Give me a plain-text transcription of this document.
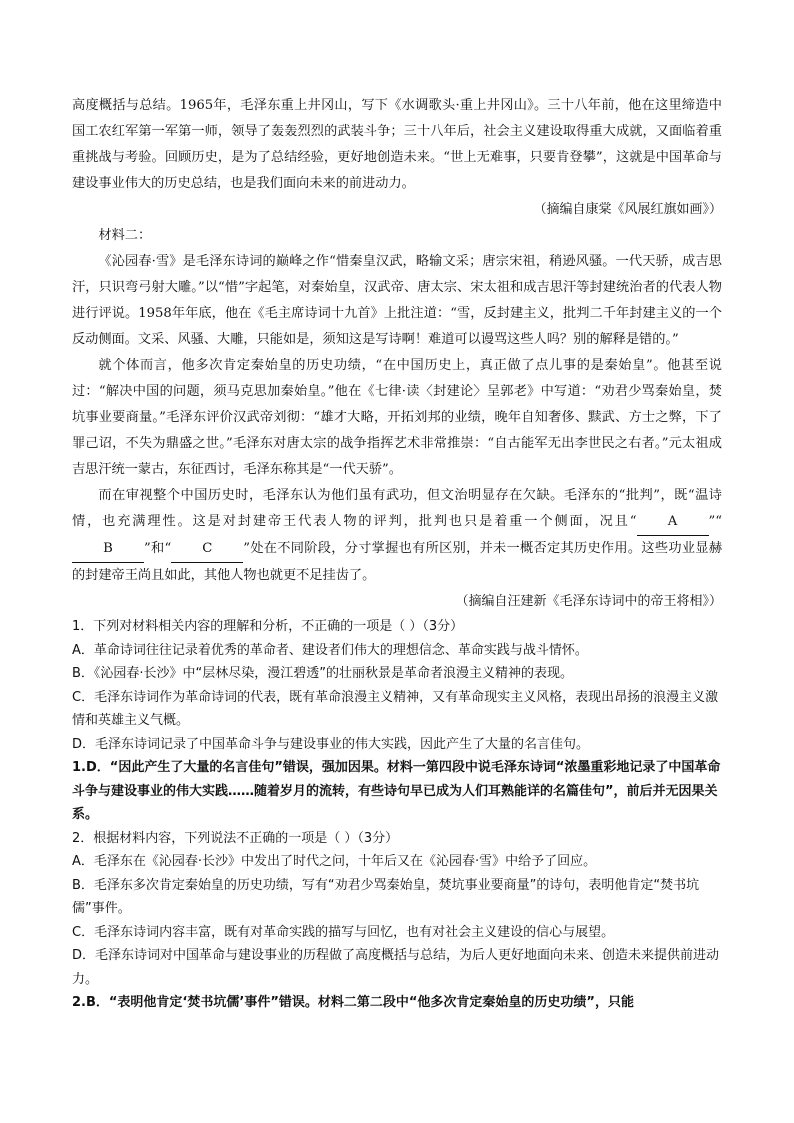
高度概括与总结。1965年，毛泽东重上井冈山，写下《水调歌头·重上井冈山》。三十八年前，他在这里缔造中国工农红军第一军第一师，领导了轰轰烈烈的武装斗争；三十八年后，社会主义建设取得重大成就，又面临着重重挑战与考验。回顾历史，是为了总结经验，更好地创造未来。“世上无难事，只要肯登攀”，这就是中国革命与建设事业伟大的历史总结，也是我们面向未来的前进动力。

（摘编自康棠《风展红旗如画》）

材料二：

《沁园春·雪》是毛泽东诗词的巅峰之作“惜秦皇汉武，略输文采；唐宗宋祖，稍逊风骚。一代天骄，成吉思汗，只识弯弓射大雕。”以“惜”字起笔，对秦始皇，汉武帝、唐太宗、宋太祖和成吉思汗等封建统治者的代表人物进行评说。1958年年底，他在《毛主席诗词十九首》上批注道：“雪，反封建主义，批判二千年封建主义的一个反动侧面。文采、风骚、大雕，只能如是，须知这是写诗啊！难道可以谩骂这些人吗？别的解释是错的。”

就个体而言，他多次肯定秦始皇的历史功绩，“在中国历史上，真正做了点儿事的是秦始皇”。他甚至说过：“解决中国的问题，须马克思加秦始皇。”他在《七律·读〈封建论〉呈郭老》中写道：“劝君少骂秦始皇，焚坑事业要商量。”毛泽东评价汉武帝刘彻：“雄才大略，开拓刘邦的业绩，晚年自知奢侈、黩武、方士之弊，下了罪己诏，不失为鼎盛之世。”毛泽东对唐太宗的战争指挥艺术非常推崇：“自古能军无出李世民之右者。”元太祖成吉思汗统一蒙古，东征西讨，毛泽东称其是“一代天骄”。

而在审视整个中国历史时，毛泽东认为他们虽有武功，但文治明显存在欠缺。毛泽东的“批判”，既“温诗情，也充满理性。这是对封建帝王代表人物的评判，批判也只是着重一个侧面，况且“ A ”“B ”和“ C ”处在不同阶段，分寸掌握也有所区别，并未一概否定其历史作用。这些功业显赫的封建帝王尚且如此，其他人物也就更不足挂齿了。

（摘编自汪建新《毛泽东诗词中的帝王将相》）

1．下列对材料相关内容的理解和分析，不正确的一项是（ ）（3分）

A．革命诗词往往记录着优秀的革命者、建设者们伟大的理想信念、革命实践与战斗情怀。

B．《沁园春·长沙》中“层林尽染，漫江碧透”的壮丽秋景是革命者浪漫主义精神的表现。

C．毛泽东诗词作为革命诗词的代表，既有革命浪漫主义精神，又有革命现实主义风格，表现出昂扬的浪漫主义激情和英雄主义气概。

D．毛泽东诗词记录了中国革命斗争与建设事业的伟大实践，因此产生了大量的名言佳句。

1.D．“因此产生了大量的名言佳句”错误，强加因果。材料一第四段中说毛泽东诗词“浓墨重彩地记录了中国革命斗争与建设事业的伟大实践……随着岁月的流转，有些诗句早已成为人们耳熟能详的名篇佳句”，前后并无因果关系。

2．根据材料内容，下列说法不正确的一项是（ ）（3分）

A．毛泽东在《沁园春·长沙》中发出了时代之问，十年后又在《沁园春·雪》中给予了回应。

B．毛泽东多次肯定秦始皇的历史功绩，写有“劝君少骂秦始皇，焚坑事业要商量”的诗句，表明他肯定“焚书坑儒”事件。

C．毛泽东诗词内容丰富，既有对革命实践的描写与回忆，也有对社会主义建设的信心与展望。

D．毛泽东诗词对中国革命与建设事业的历程做了高度概括与总结，为后人更好地面向未来、创造未来提供前进动力。

2.B．“表明他肯定‘焚书坑儒’事件”错误。材料二第二段中“他多次肯定秦始皇的历史功绩”，只能
